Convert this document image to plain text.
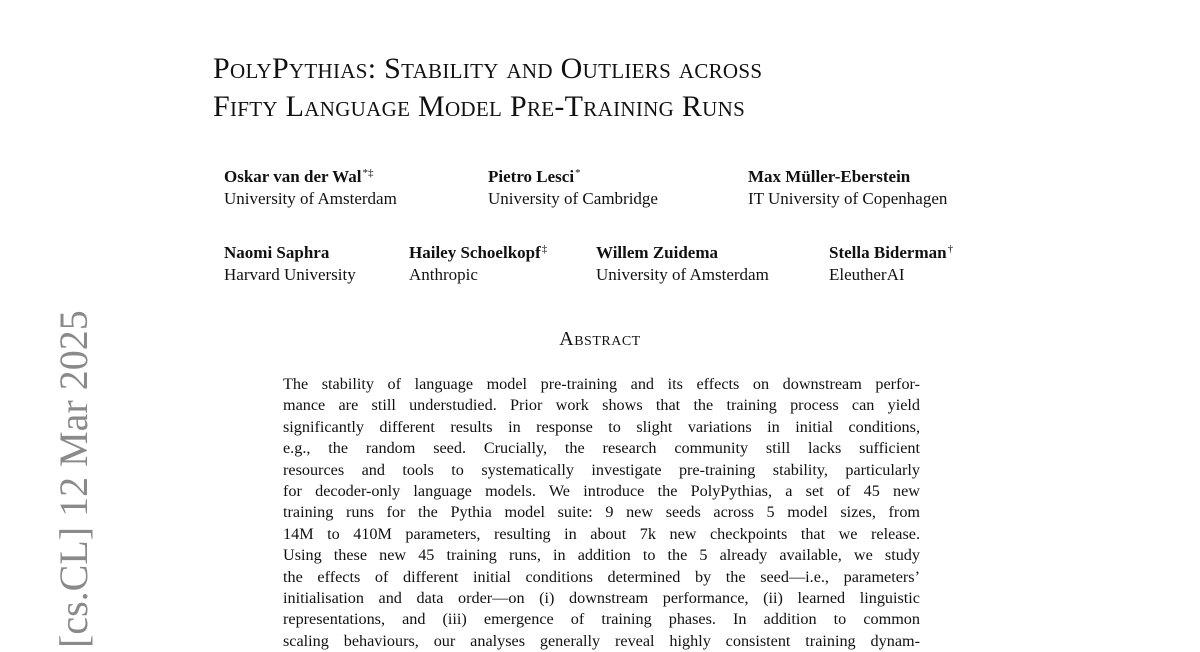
[cs.CL] 12 Mar 2025
PolyPythias: Stability and Outliers across
Fifty Language Model Pre-Training Runs
Oskar van der Wal*‡
University of Amsterdam
Pietro Lesci*
University of Cambridge
Max Müller-Eberstein
IT University of Copenhagen
Naomi Saphra
Harvard University
Hailey Schoelkopf‡
Anthropic
Willem Zuidema
University of Amsterdam
Stella Biderman†
EleutherAI
Abstract
The stability of language model pre-training and its effects on downstream perfor-
mance are still understudied. Prior work shows that the training process can yield
significantly different results in response to slight variations in initial conditions,
e.g., the random seed. Crucially, the research community still lacks sufficient
resources and tools to systematically investigate pre-training stability, particularly
for decoder-only language models. We introduce the PolyPythias, a set of 45 new
training runs for the Pythia model suite: 9 new seeds across 5 model sizes, from
14M to 410M parameters, resulting in about 7k new checkpoints that we release.
Using these new 45 training runs, in addition to the 5 already available, we study
the effects of different initial conditions determined by the seed—i.e., parameters’
initialisation and data order—on (i) downstream performance, (ii) learned linguistic
representations, and (iii) emergence of training phases. In addition to common
scaling behaviours, our analyses generally reveal highly consistent training dynam-
